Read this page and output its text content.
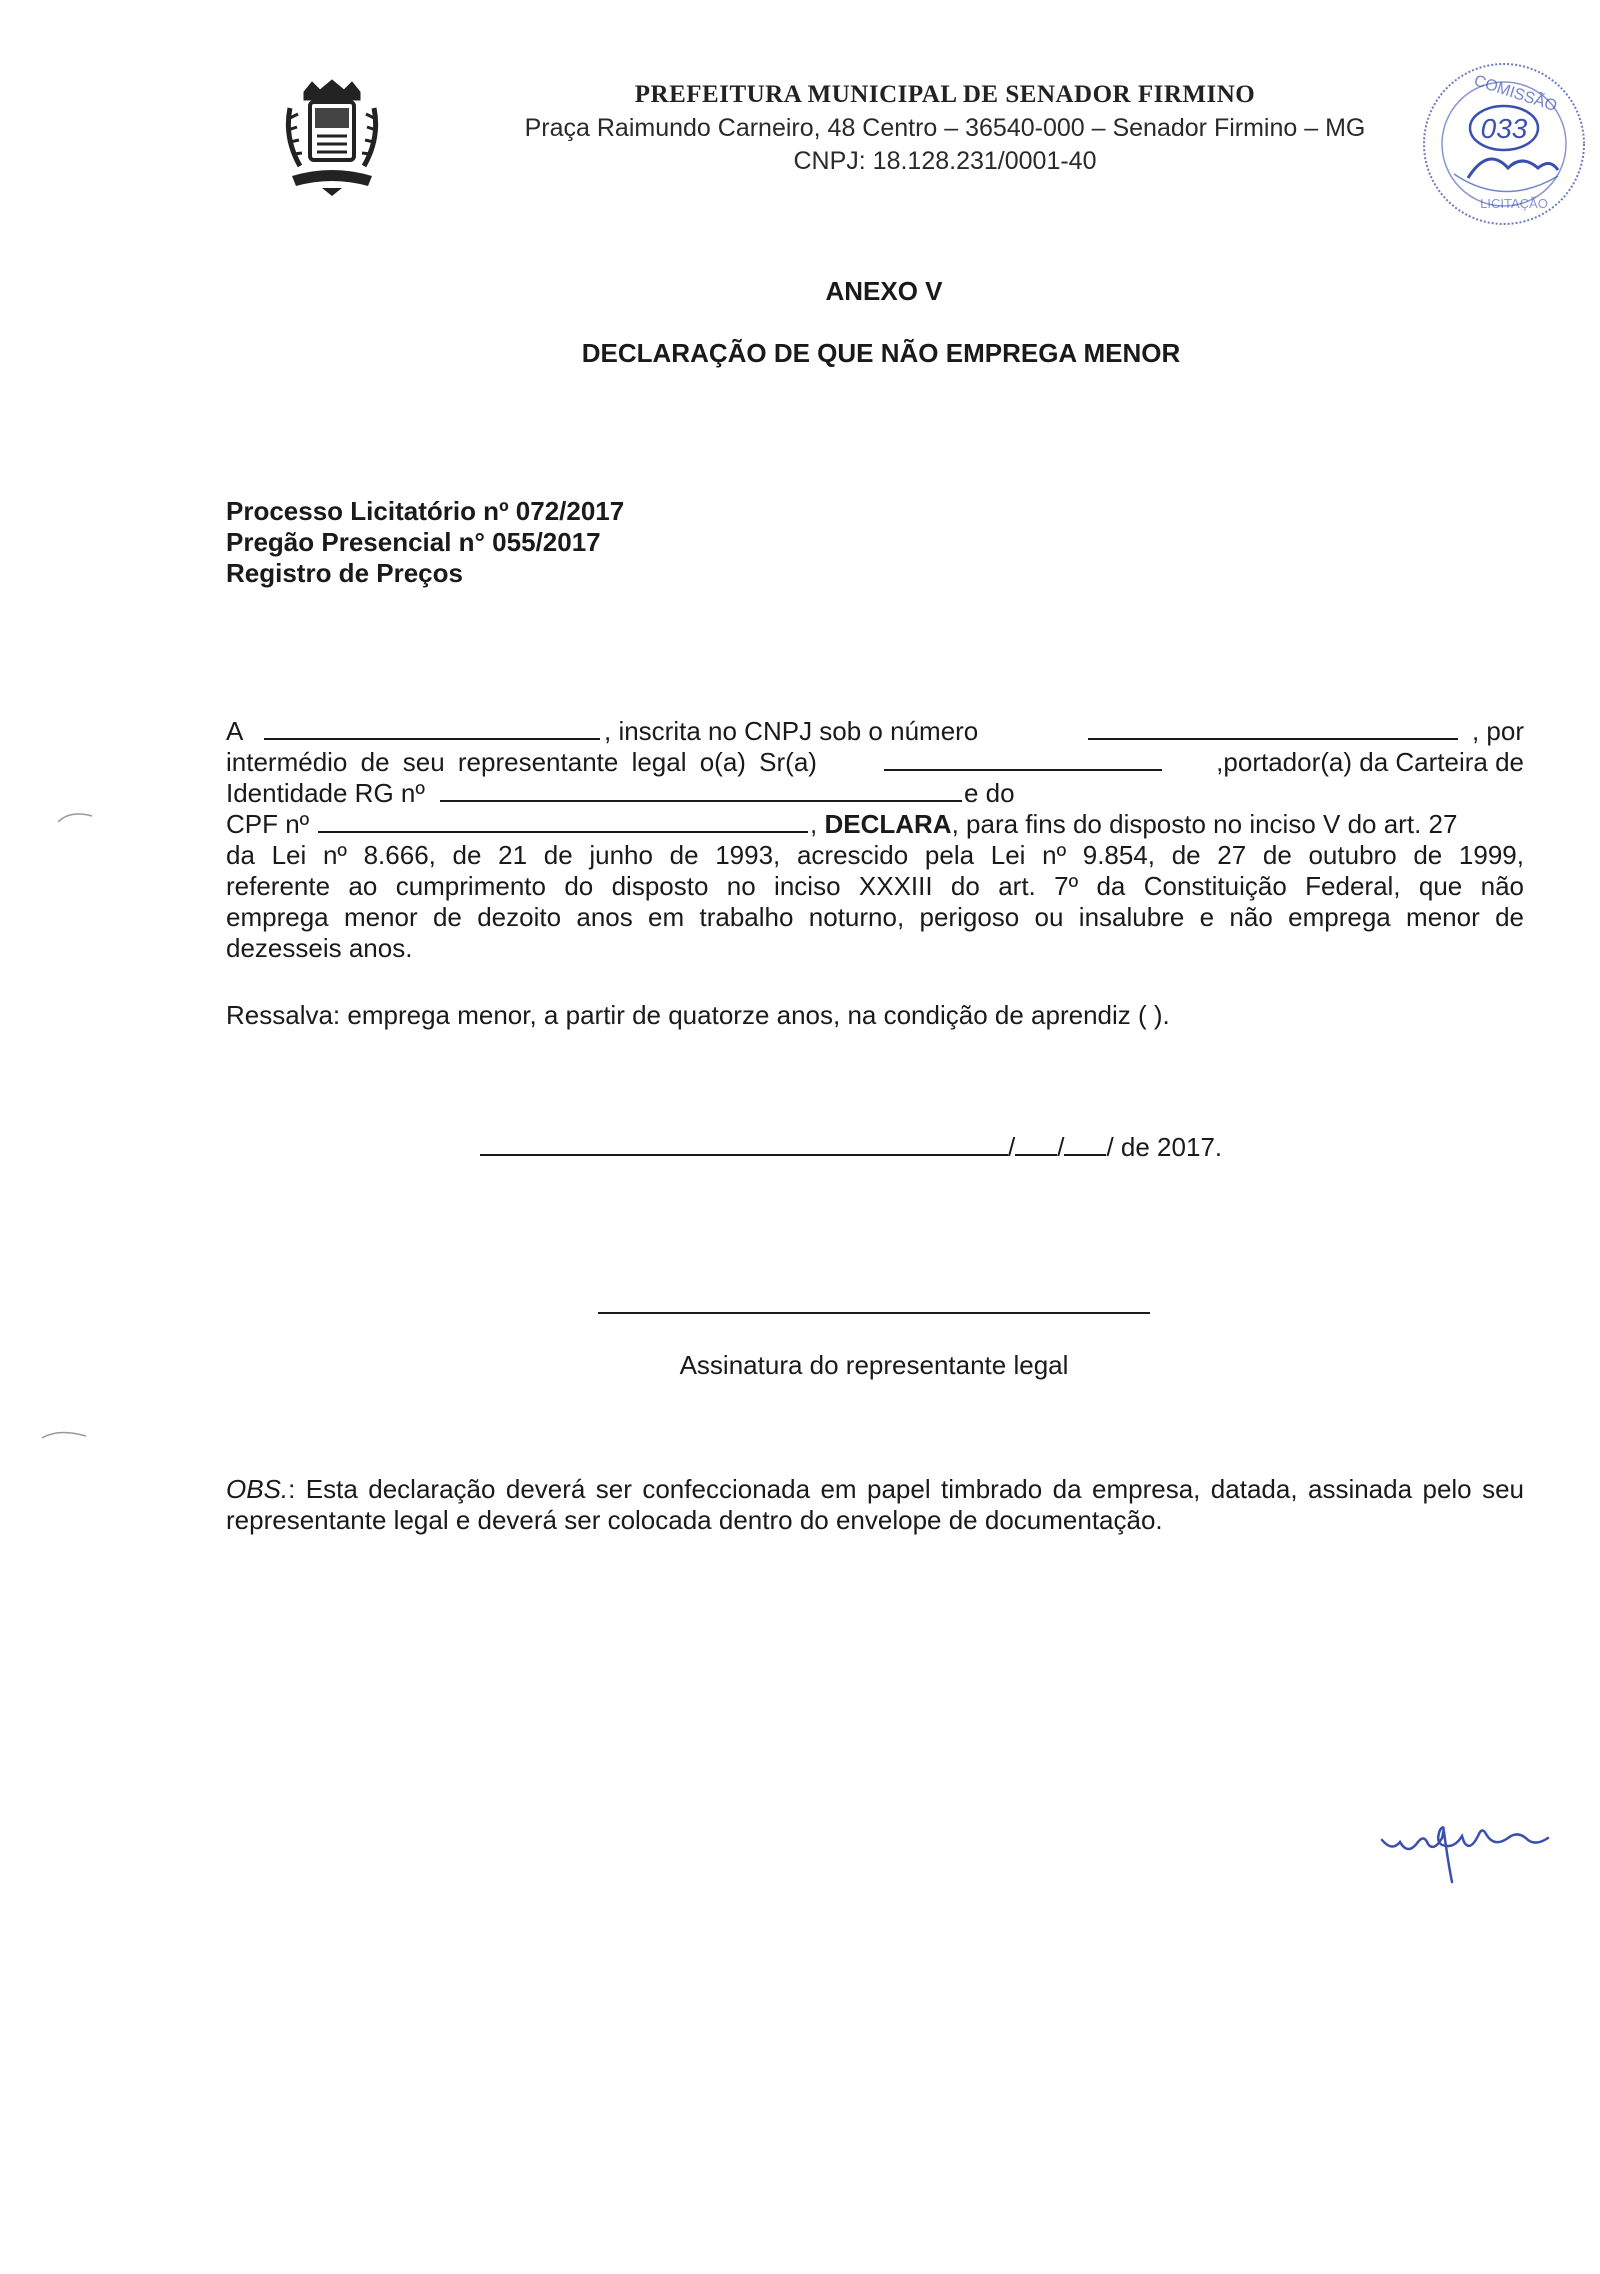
PREFEITURA MUNICIPAL DE SENADOR FIRMINO
Praça Raimundo Carneiro, 48 Centro – 36540-000 – Senador Firmino – MG
CNPJ: 18.128.231/0001-40
033
COMISSÃO
LICITAÇÃO
ANEXO V
DECLARAÇÃO DE QUE NÃO EMPREGA MENOR
Processo Licitatório nº 072/2017
Pregão Presencial n° 055/2017
Registro de Preços
A	, inscrita no CNPJ sob o número	, por
intermédio de seu representante legal o(a) Sr(a)	,portador(a) da Carteira de
Identidade RG nº	e do
CPF nº	, DECLARA, para fins do disposto no inciso V do art. 27
da Lei nº 8.666, de 21 de junho de 1993, acrescido pela Lei nº 9.854, de 27 de outubro de 1999,
referente ao cumprimento do disposto no inciso XXXIII do art. 7º da Constituição Federal, que não
emprega menor de dezoito anos em trabalho noturno, perigoso ou insalubre e não emprega menor de
dezesseis anos.
Ressalva: emprega menor, a partir de quatorze anos, na condição de aprendiz ( ).
/ / / de 2017.
Assinatura do representante legal
OBS.: Esta declaração deverá ser confeccionada em papel timbrado da empresa, datada, assinada pelo seu representante legal e deverá ser colocada dentro do envelope de documentação.
